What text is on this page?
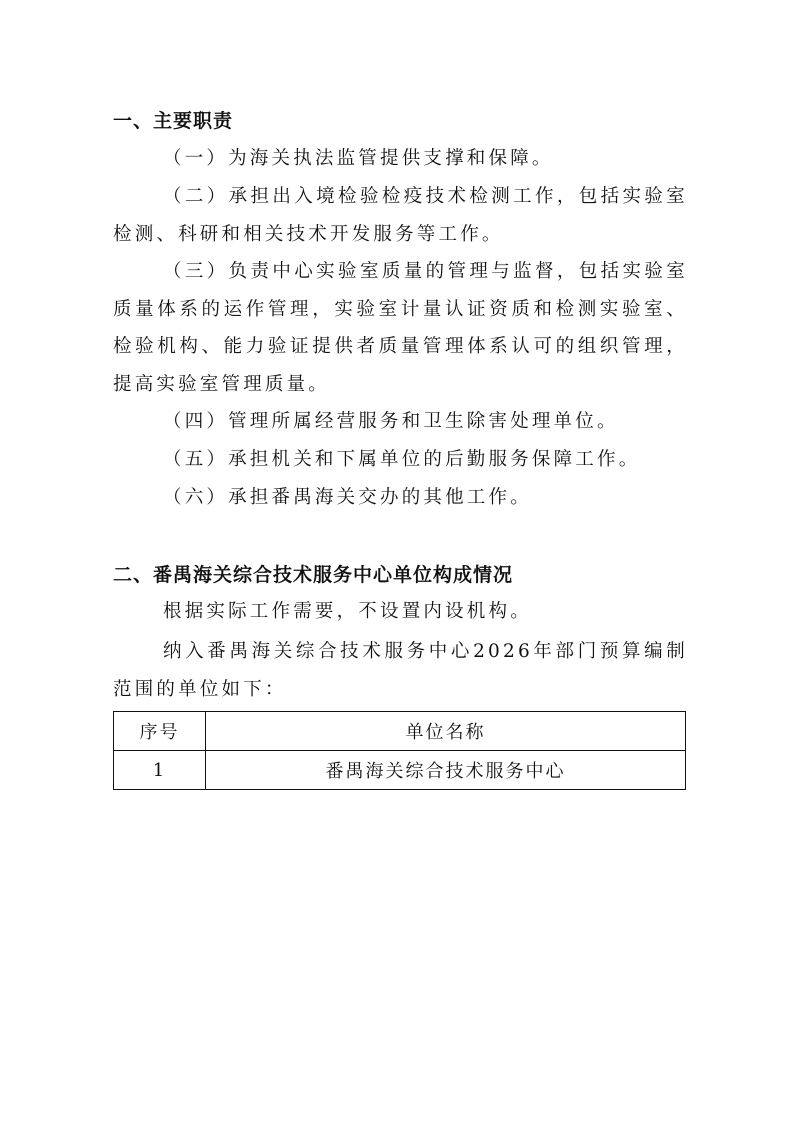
一、主要职责

（一）为海关执法监管提供支撑和保障。

（二）承担出入境检验检疫技术检测工作，包括实验室检测、科研和相关技术开发服务等工作。

（三）负责中心实验室质量的管理与监督，包括实验室质量体系的运作管理，实验室计量认证资质和检测实验室、检验机构、能力验证提供者质量管理体系认可的组织管理，提高实验室管理质量。

（四）管理所属经营服务和卫生除害处理单位。

（五）承担机关和下属单位的后勤服务保障工作。

（六）承担番禺海关交办的其他工作。

二、番禺海关综合技术服务中心单位构成情况

根据实际工作需要，不设置内设机构。

纳入番禺海关综合技术服务中心2026年部门预算编制范围的单位如下：

序号	单位名称
1	番禺海关综合技术服务中心
